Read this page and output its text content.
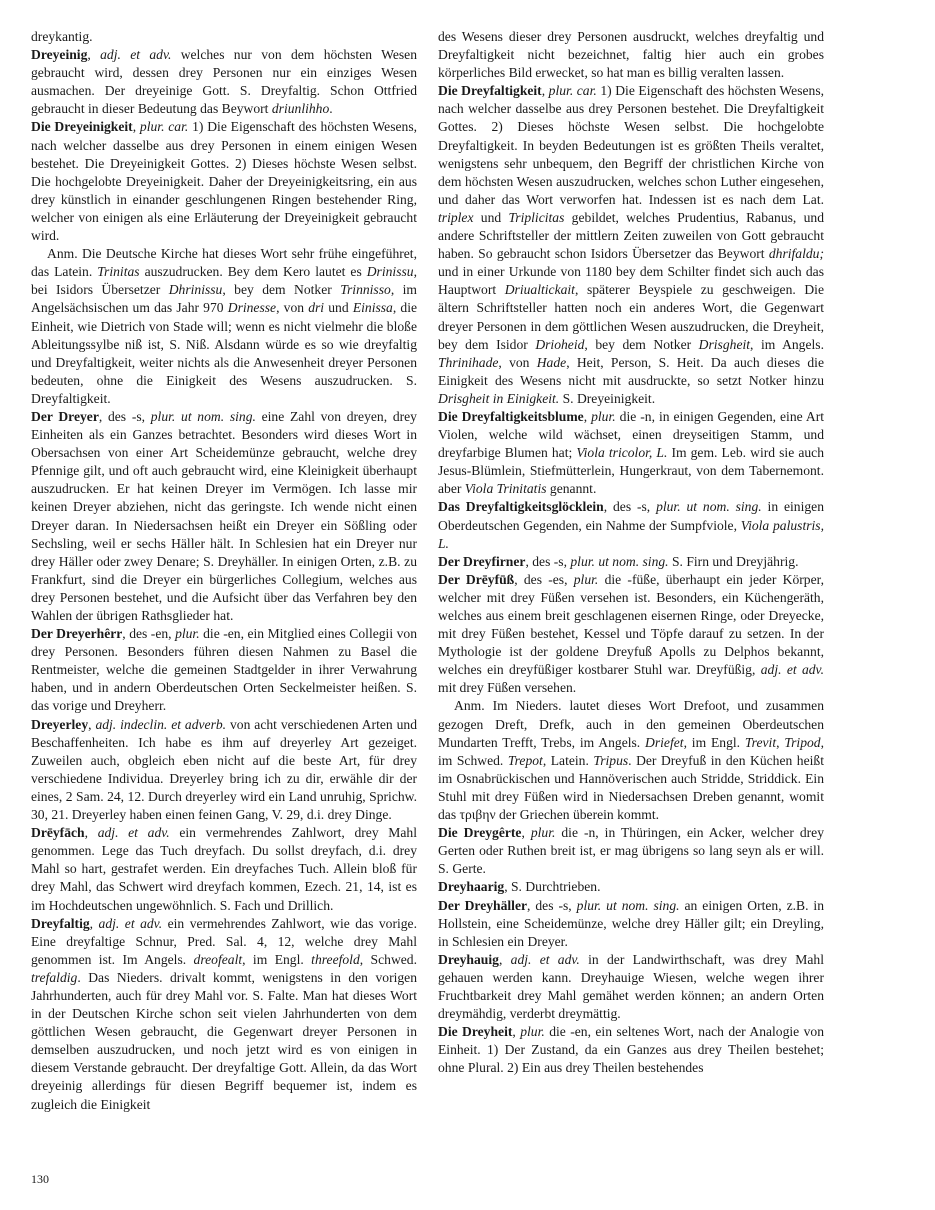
dreykantig.

Dreyeinig, adj. et adv. welches nur von dem höchsten Wesen gebraucht wird, dessen drey Personen nur ein einziges Wesen ausmachen. Der dreyeinige Gott. S. Dreyfaltig. Schon Ottfried gebraucht in dieser Bedeutung das Beywort driunlihho.

Die Dreyeinigkeit, plur. car. 1) Die Eigenschaft des höchsten Wesens, nach welcher dasselbe aus drey Personen in einem einigen Wesen bestehet. Die Dreyeinigkeit Gottes. 2) Dieses höchste Wesen selbst. Die hochgelobte Dreyeinigkeit. Daher der Dreyeinigkeitsring, ein aus drey künstlich in einander geschlungenen Ringen bestehender Ring, welcher von einigen als eine Erläuterung der Dreyeinigkeit gebraucht wird.

Anm. Die Deutsche Kirche hat dieses Wort sehr frühe eingeführet, das Latein. Trinitas auszudrucken. Bey dem Kero lautet es Drinissu, bei Isidors Übersetzer Dhrinissu, bey dem Notker Trinnisso, im Angelsächsischen um das Jahr 970 Drinesse, von dri und Einissa, die Einheit, wie Dietrich von Stade will; wenn es nicht vielmehr die bloße Ableitungssylbe niß ist, S. Niß. Alsdann würde es so wie dreyfaltig und Dreyfaltigkeit, weiter nichts als die Anwesenheit dreyer Personen bedeuten, ohne die Einigkeit des Wesens auszudrucken. S. Dreyfaltigkeit.

Der Dreyer, des -s, plur. ut nom. sing. eine Zahl von dreyen, drey Einheiten als ein Ganzes betrachtet. Besonders wird dieses Wort in Obersachsen von einer Art Scheidemünze gebraucht, welche drey Pfennige gilt, und oft auch gebraucht wird, eine Kleinigkeit überhaupt auszudrucken. Er hat keinen Dreyer im Vermögen. Ich lasse mir keinen Dreyer abziehen, nicht das geringste. Ich wende nicht einen Dreyer daran. In Niedersachsen heißt ein Dreyer ein Sößling oder Sechsling, weil er sechs Häller hält. In Schlesien hat ein Dreyer nur drey Häller oder zwey Denare; S. Dreyhäller. In einigen Orten, z.B. zu Frankfurt, sind die Dreyer ein bürgerliches Collegium, welches aus drey Personen bestehet, und die Aufsicht über das Verfahren bey den Wahlen der übrigen Rathsglieder hat.

Der Dreyerhêrr, des -en, plur. die -en, ein Mitglied eines Collegii von drey Personen. Besonders führen diesen Nahmen zu Basel die Rentmeister, welche die gemeinen Stadtgelder in ihrer Verwahrung haben, und in andern Oberdeutschen Orten Seckelmeister heißen. S. das vorige und Dreyherr.

Dreyerley, adj. indeclin. et adverb. von acht verschiedenen Arten und Beschaffenheiten. Ich habe es ihm auf dreyerley Art gezeiget. Zuweilen auch, obgleich eben nicht auf die beste Art, für drey verschiedene Individua. Dreyerley bring ich zu dir, erwähle dir der eines, 2 Sam. 24, 12. Durch dreyerley wird ein Land unruhig, Sprichw. 30, 21. Dreyerley haben einen feinen Gang, V. 29, d.i. drey Dinge.

Drēyfāch, adj. et adv. ein vermehrendes Zahlwort, drey Mahl genommen. Lege das Tuch dreyfach. Du sollst dreyfach, d.i. drey Mahl so hart, gestrafet werden. Ein dreyfaches Tuch. Allein bloß für drey Mahl, das Schwert wird dreyfach kommen, Ezech. 21, 14, ist es im Hochdeutschen ungewöhnlich. S. Fach und Drillich.

Dreyfaltig, adj. et adv. ein vermehrendes Zahlwort, wie das vorige. Eine dreyfaltige Schnur, Pred. Sal. 4, 12, welche drey Mahl genommen ist. Im Angels. dreofealt, im Engl. threefold, Schwed. trefaldig. Das Nieders. drivalt kommt, wenigstens in den vorigen Jahrhunderten, auch für drey Mahl vor. S. Falte. Man hat dieses Wort in der Deutschen Kirche schon seit vielen Jahrhunderten von dem göttlichen Wesen gebraucht, die Gegenwart dreyer Personen in demselben auszudrucken, und noch jetzt wird es von einigen in diesem Verstande gebraucht. Der dreyfaltige Gott. Allein, da das Wort dreyeinig allerdings für diesen Begriff bequemer ist, indem es zugleich die Einigkeit

des Wesens dieser drey Personen ausdruckt, welches dreyfaltig und Dreyfaltigkeit nicht bezeichnet, faltig hier auch ein grobes körperliches Bild erwecket, so hat man es billig veralten lassen.

Die Dreyfaltigkeit, plur. car. 1) Die Eigenschaft des höchsten Wesens, nach welcher dasselbe aus drey Personen bestehet. Die Dreyfaltigkeit Gottes. 2) Dieses höchste Wesen selbst. Die hochgelobte Dreyfaltigkeit. In beyden Bedeutungen ist es größten Theils veraltet, wenigstens sehr unbequem, den Begriff der christlichen Kirche von dem höchsten Wesen auszudrucken, welches schon Luther eingesehen, und daher das Wort verworfen hat. Indessen ist es nach dem Lat. triplex und Triplicitas gebildet, welches Prudentius, Rabanus, und andere Schriftsteller der mittlern Zeiten zuweilen von Gott gebraucht haben. So gebraucht schon Isidors Übersetzer das Beywort dhrifaldu; und in einer Urkunde von 1180 bey dem Schilter findet sich auch das Hauptwort Driualtickait, späterer Beyspiele zu geschweigen. Die ältern Schriftsteller hatten noch ein anderes Wort, die Gegenwart dreyer Personen in dem göttlichen Wesen auszudrucken, die Dreyheit, bey dem Isidor Drioheid, bey dem Notker Drisgheit, im Angels. Thrinihade, von Hade, Heit, Person, S. Heit. Da auch dieses die Einigkeit des Wesens nicht mit ausdruckte, so setzt Notker hinzu Drisgheit in Einigkeit. S. Dreyeinigkeit.

Die Dreyfaltigkeitsblume, plur. die -n, in einigen Gegenden, eine Art Violen, welche wild wächset, einen dreyseitigen Stamm, und dreyfarbige Blumen hat; Viola tricolor, L. Im gem. Leb. wird sie auch Jesus-Blümlein, Stiefmütterlein, Hungerkraut, von dem Tabernemont. aber Viola Trinitatis genannt.

Das Dreyfaltigkeitsglöcklein, des -s, plur. ut nom. sing. in einigen Oberdeutschen Gegenden, ein Nahme der Sumpfviole, Viola palustris, L.

Der Dreyfirner, des -s, plur. ut nom. sing. S. Firn und Dreyjährig.

Der Drēyfūß, des -es, plur. die -füße, überhaupt ein jeder Körper, welcher mit drey Füßen versehen ist. Besonders, ein Küchengeräth, welches aus einem breit geschlagenen eisernen Ringe, oder Dreyecke, mit drey Füßen bestehet, Kessel und Töpfe darauf zu setzen. In der Mythologie ist der goldene Dreyfuß Apolls zu Delphos bekannt, welches ein dreyfüßiger kostbarer Stuhl war. Dreyfüßig, adj. et adv. mit drey Füßen versehen.

Anm. Im Nieders. lautet dieses Wort Drefoot, und zusammen gezogen Dreft, Drefk, auch in den gemeinen Oberdeutschen Mundarten Trefft, Trebs, im Angels. Driefet, im Engl. Trevit, Tripod, im Schwed. Trepot, Latein. Tripus. Der Dreyfuß in den Küchen heißt im Osnabrückischen und Hannöverischen auch Stridde, Striddick. Ein Stuhl mit drey Füßen wird in Niedersachsen Dreben genannt, womit das τριβην der Griechen überein kommt.

Die Dreygêrte, plur. die -n, in Thüringen, ein Acker, welcher drey Gerten oder Ruthen breit ist, er mag übrigens so lang seyn als er will. S. Gerte.

Dreyhaarig, S. Durchtrieben.

Der Dreyhäller, des -s, plur. ut nom. sing. an einigen Orten, z.B. in Hollstein, eine Scheidemünze, welche drey Häller gilt; ein Dreyling, in Schlesien ein Dreyer.

Dreyhauig, adj. et adv. in der Landwirthschaft, was drey Mahl gehauen werden kann. Dreyhauige Wiesen, welche wegen ihrer Fruchtbarkeit drey Mahl gemähet werden können; an andern Orten dreymähdig, verderbt dreymättig.

Die Dreyheit, plur. die -en, ein seltenes Wort, nach der Analogie von Einheit. 1) Der Zustand, da ein Ganzes aus drey Theilen bestehet; ohne Plural. 2) Ein aus drey Theilen bestehendes

130
